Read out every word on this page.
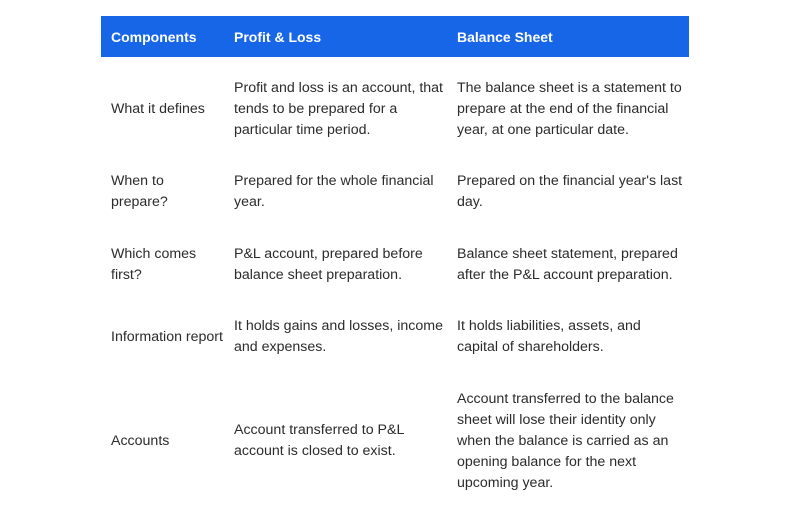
Components	Profit & Loss	Balance Sheet
What it defines
Profit and loss is an account, that tends to be prepared for a particular time period.
The balance sheet is a statement to prepare at the end of the financial year, at one particular date.
When to prepare?
Prepared for the whole financial year.
Prepared on the financial year's last day.
Which comes first?
P&L account, prepared before balance sheet preparation.
Balance sheet statement, prepared after the P&L account preparation.
Information report
It holds gains and losses, income and expenses.
It holds liabilities, assets, and capital of shareholders.
Accounts
Account transferred to P&L account is closed to exist.
Account transferred to the balance sheet will lose their identity only when the balance is carried as an opening balance for the next upcoming year.
